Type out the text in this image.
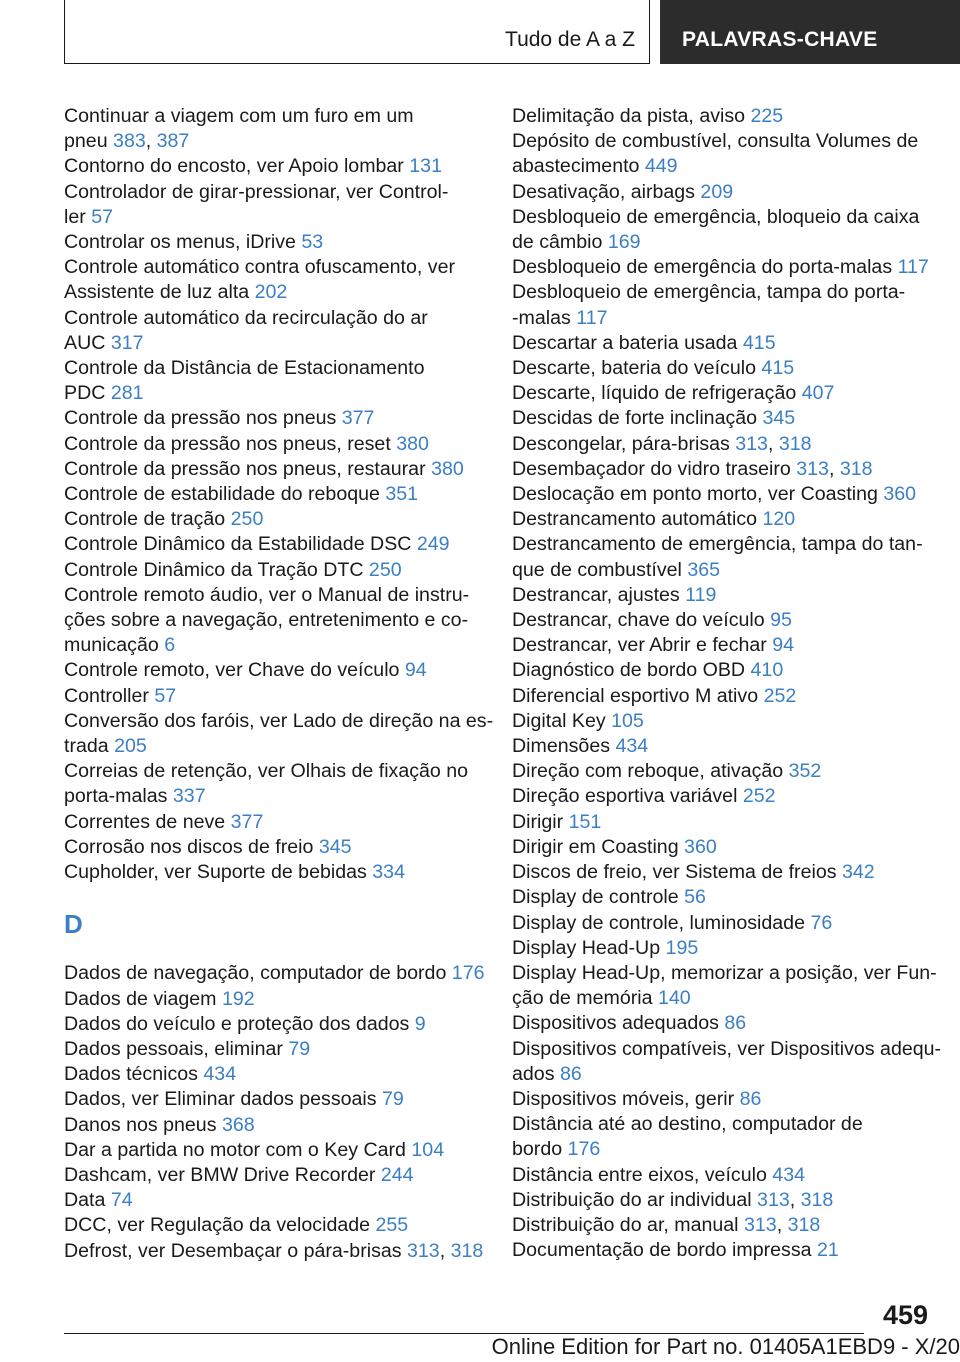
Tudo de A a Z PALAVRAS-CHAVE
Continuar a viagem com um furo em um
pneu 383, 387
Contorno do encosto, ver Apoio lombar 131
Controlador de girar-pressionar, ver Control-
ler 57
Controlar os menus, iDrive 53
Controle automático contra ofuscamento, ver
Assistente de luz alta 202
Controle automático da recirculação do ar
AUC 317
Controle da Distância de Estacionamento
PDC 281
Controle da pressão nos pneus 377
Controle da pressão nos pneus, reset 380
Controle da pressão nos pneus, restaurar 380
Controle de estabilidade do reboque 351
Controle de tração 250
Controle Dinâmico da Estabilidade DSC 249
Controle Dinâmico da Tração DTC 250
Controle remoto áudio, ver o Manual de instru-
ções sobre a navegação, entretenimento e co-
municação 6
Controle remoto, ver Chave do veículo 94
Controller 57
Conversão dos faróis, ver Lado de direção na es-
trada 205
Correias de retenção, ver Olhais de fixação no
porta-malas 337
Correntes de neve 377
Corrosão nos discos de freio 345
Cupholder, ver Suporte de bebidas 334
D
Dados de navegação, computador de bordo 176
Dados de viagem 192
Dados do veículo e proteção dos dados 9
Dados pessoais, eliminar 79
Dados técnicos 434
Dados, ver Eliminar dados pessoais 79
Danos nos pneus 368
Dar a partida no motor com o Key Card 104
Dashcam, ver BMW Drive Recorder 244
Data 74
DCC, ver Regulação da velocidade 255
Defrost, ver Desembaçar o pára-brisas 313, 318
Delimitação da pista, aviso 225
Depósito de combustível, consulta Volumes de
abastecimento 449
Desativação, airbags 209
Desbloqueio de emergência, bloqueio da caixa
de câmbio 169
Desbloqueio de emergência do porta-malas 117
Desbloqueio de emergência, tampa do porta-
-malas 117
Descartar a bateria usada 415
Descarte, bateria do veículo 415
Descarte, líquido de refrigeração 407
Descidas de forte inclinação 345
Descongelar, pára-brisas 313, 318
Desembaçador do vidro traseiro 313, 318
Deslocação em ponto morto, ver Coasting 360
Destrancamento automático 120
Destrancamento de emergência, tampa do tan-
que de combustível 365
Destrancar, ajustes 119
Destrancar, chave do veículo 95
Destrancar, ver Abrir e fechar 94
Diagnóstico de bordo OBD 410
Diferencial esportivo M ativo 252
Digital Key 105
Dimensões 434
Direção com reboque, ativação 352
Direção esportiva variável 252
Dirigir 151
Dirigir em Coasting 360
Discos de freio, ver Sistema de freios 342
Display de controle 56
Display de controle, luminosidade 76
Display Head-Up 195
Display Head-Up, memorizar a posição, ver Fun-
ção de memória 140
Dispositivos adequados 86
Dispositivos compatíveis, ver Dispositivos adequ-
ados 86
Dispositivos móveis, gerir 86
Distância até ao destino, computador de
bordo 176
Distância entre eixos, veículo 434
Distribuição do ar individual 313, 318
Distribuição do ar, manual 313, 318
Documentação de bordo impressa 21
459
Online Edition for Part no. 01405A1EBD9 - X/20
